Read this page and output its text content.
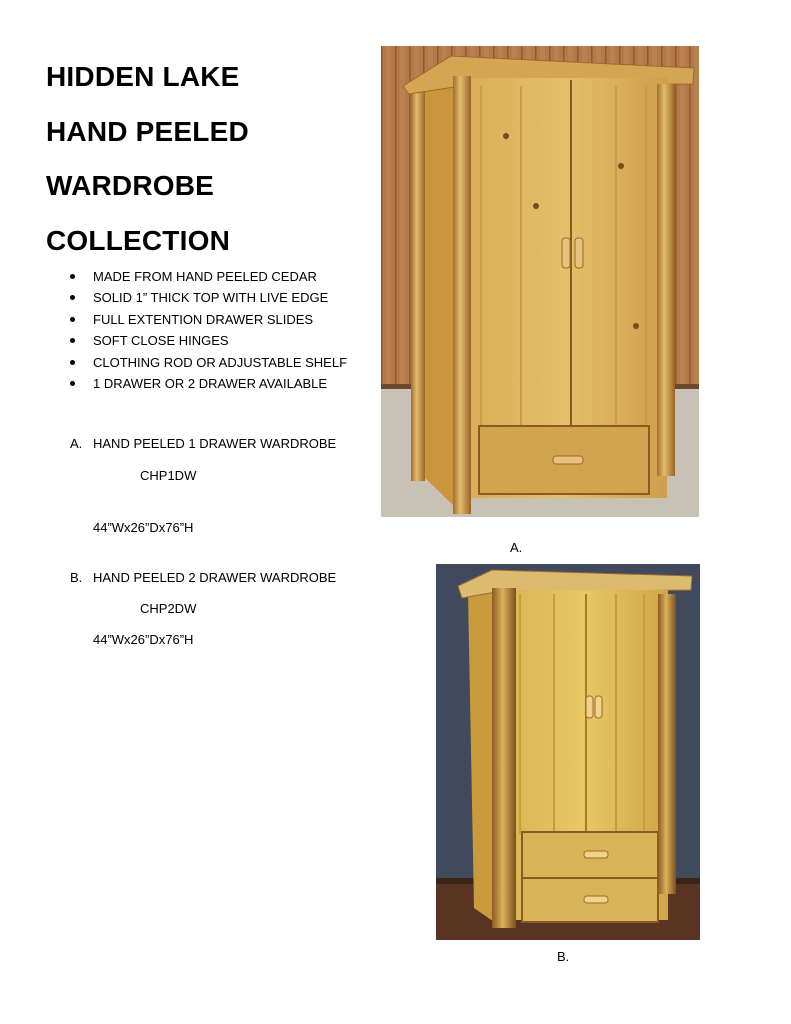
HIDDEN LAKE
HAND PEELED
WARDROBE
COLLECTION
MADE FROM HAND PEELED CEDAR
SOLID 1” THICK TOP WITH LIVE EDGE
FULL EXTENTION DRAWER SLIDES
SOFT CLOSE HINGES
CLOTHING ROD OR ADJUSTABLE SHELF
1 DRAWER OR 2 DRAWER AVAILABLE
A. HAND PEELED 1 DRAWER WARDROBE
CHP1DW
44”Wx26”Dx76”H
B. HAND PEELED 2 DRAWER WARDROBE
CHP2DW
44”Wx26”Dx76”H
A.
B.
